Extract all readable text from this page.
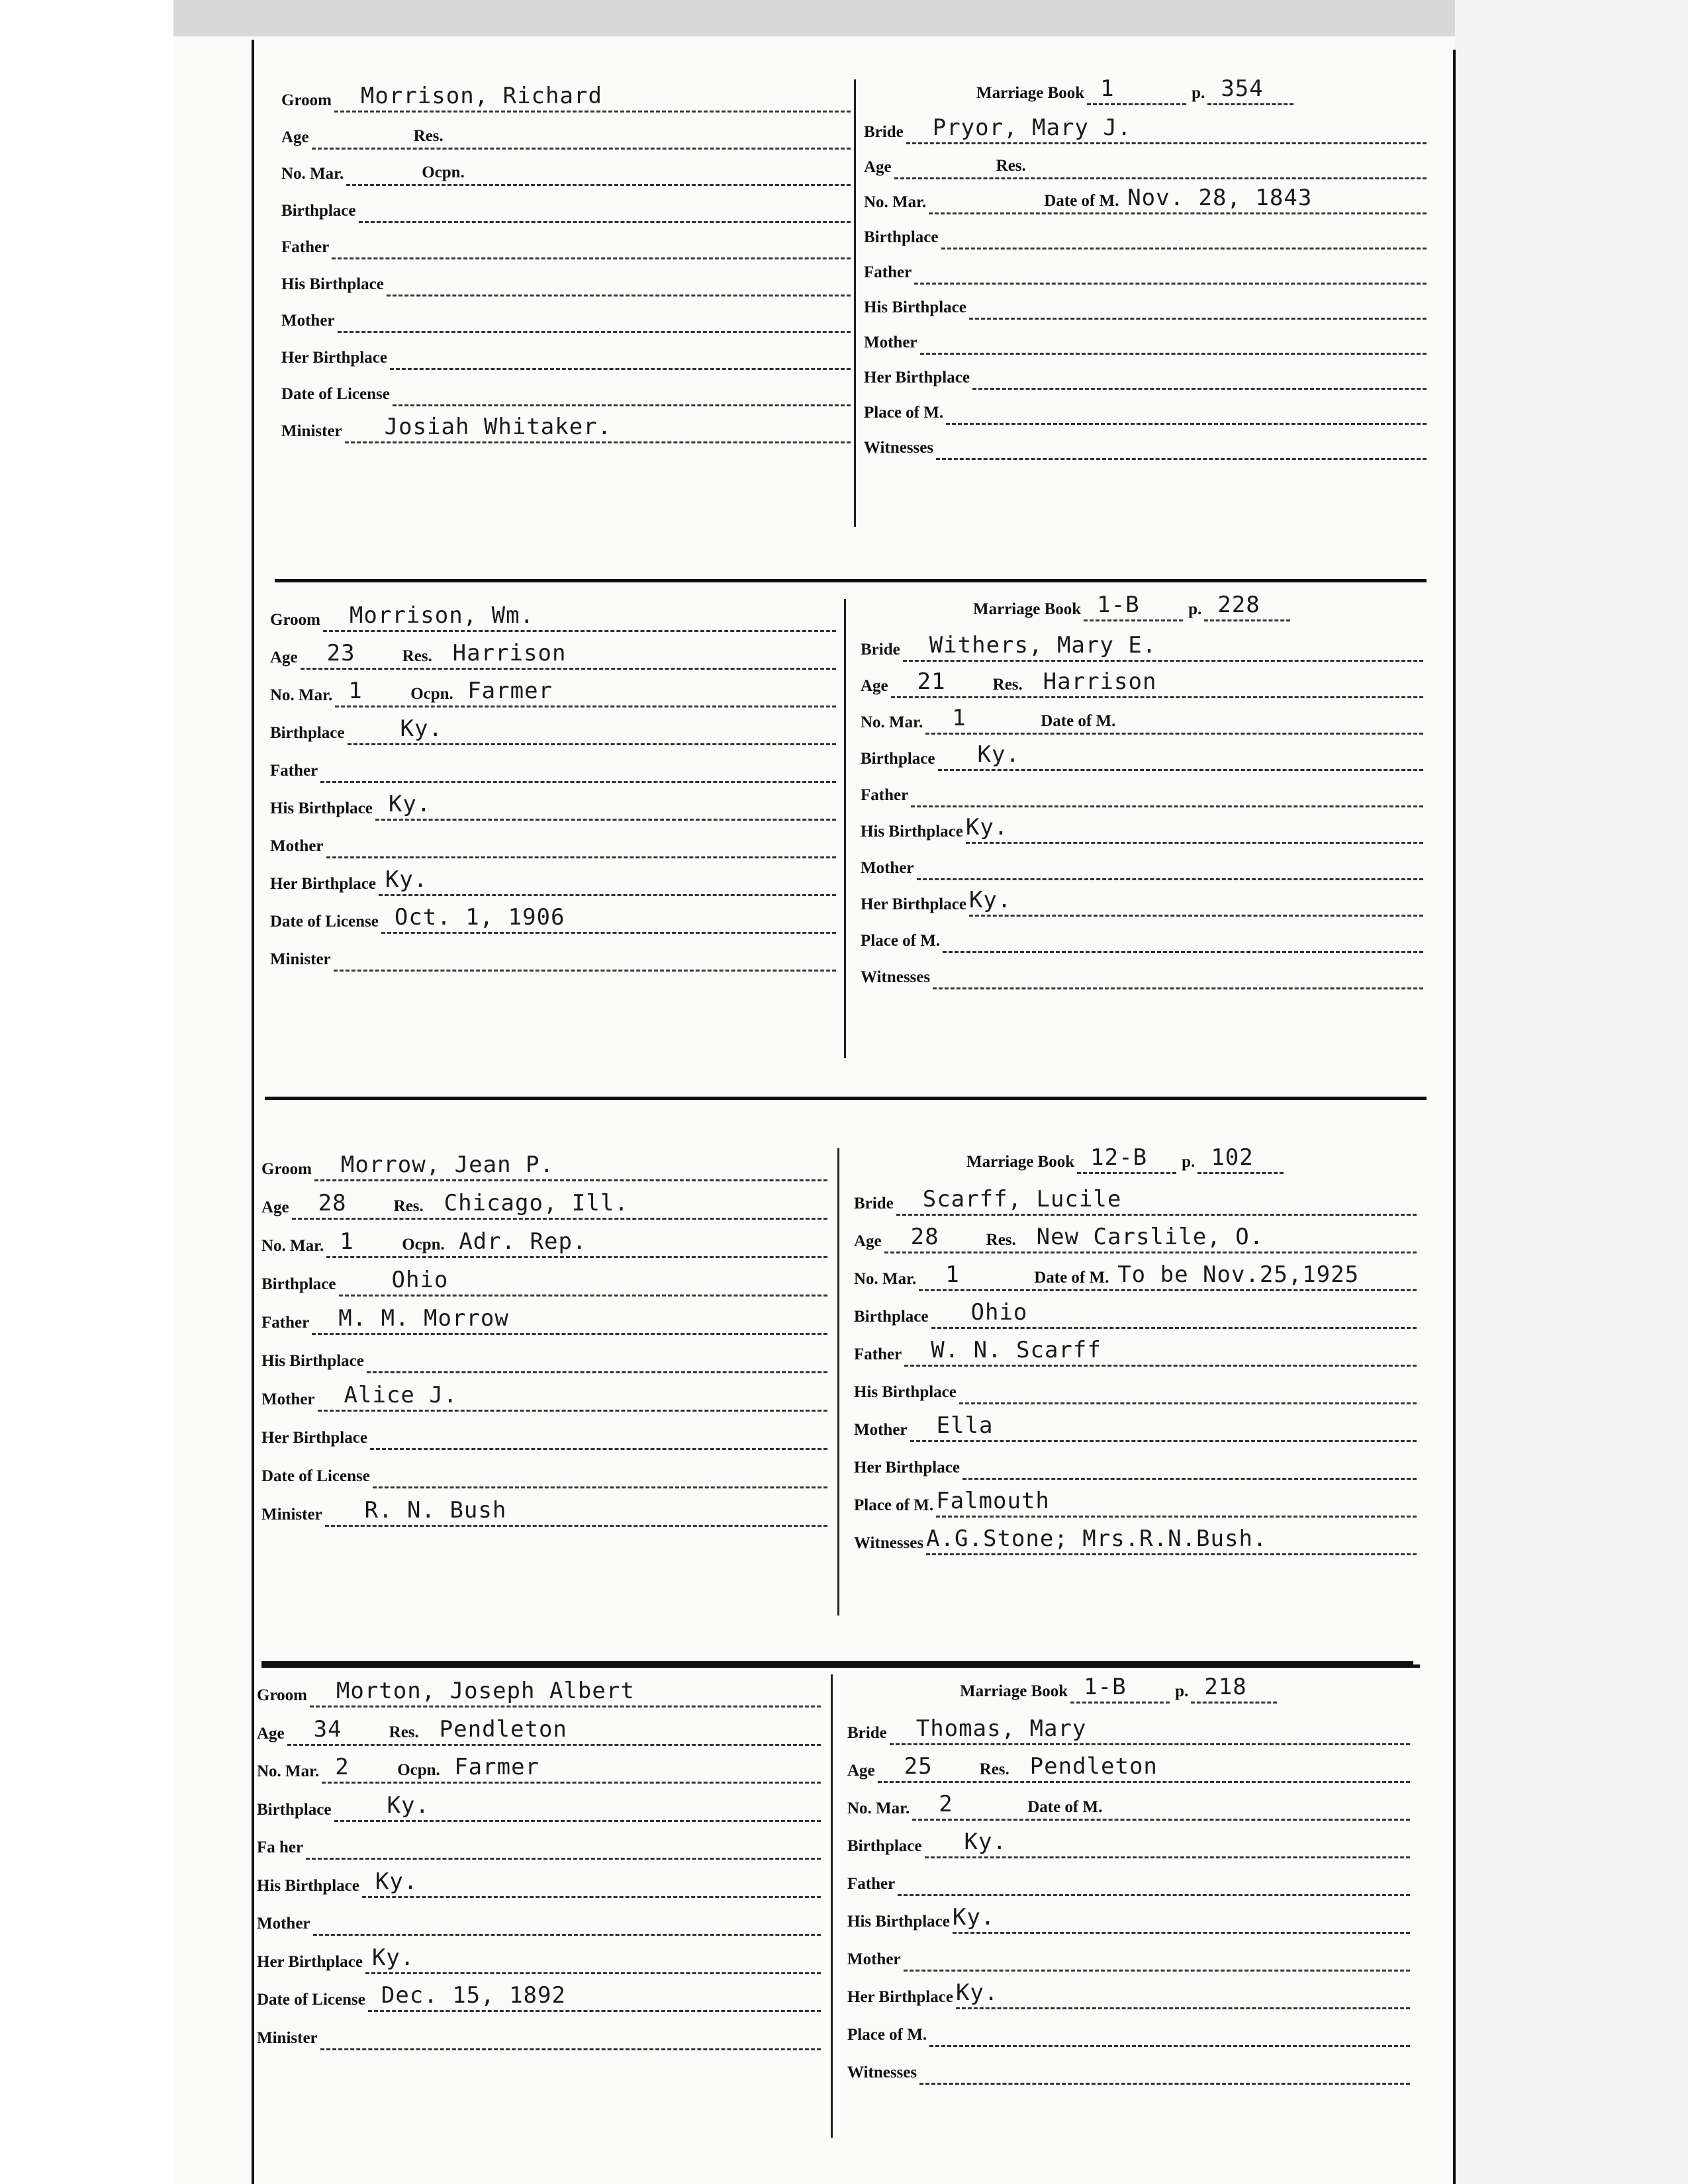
Groom Morrison, Richard
Age	Res.
No. Mar.	Ocpn.
Birthplace
Father
His Birthplace
Mother
Her Birthplace
Date of License
Minister Josiah Whitaker.
Marriage Book 1	p. 354
Bride Pryor, Mary J.
Age	Res.
No. Mar.	Date of M. Nov. 28, 1843
Birthplace
Father
His Birthplace
Mother
Her Birthplace
Place of M.
Witnesses
Groom Morrison, Wm.
Age 23	Res. Harrison
No. Mar. 1	Ocpn. Farmer
Birthplace Ky.
Father
His Birthplace Ky.
Mother
Her Birthplace Ky.
Date of License Oct. 1, 1906
Minister
Marriage Book 1-B	p. 228
Bride Withers, Mary E.
Age 21	Res. Harrison
No. Mar. 1	Date of M.
Birthplace Ky.
Father
His Birthplace Ky.
Mother
Her Birthplace Ky.
Place of M.
Witnesses
Groom Morrow, Jean P.
Age 28	Res. Chicago, Ill.
No. Mar. 1	Ocpn. Adr. Rep.
Birthplace Ohio
Father M. M. Morrow
His Birthplace
Mother Alice J.
Her Birthplace
Date of License
Minister R. N. Bush
Marriage Book 12-B p. 102
Bride Scarff, Lucile
Age 28	Res. New Carslile, O.
No. Mar. 1	Date of M. To be Nov.25,1925
Birthplace Ohio
Father W. N. Scarff
His Birthplace
Mother Ella
Her Birthplace
Place of M. Falmouth
Witnesses A.G.Stone; Mrs.R.N.Bush.
Groom Morton, Joseph Albert
Age 34	Res. Pendleton
No. Mar. 2	Ocpn. Farmer
Birthplace Ky.
Fa her
His Birthplace Ky.
Mother
Her Birthplace Ky.
Date of License Dec. 15, 1892
Minister
Marriage Book 1-B	p. 218
Bride Thomas, Mary
Age 25	Res. Pendleton
No. Mar. 2	Date of M.
Birthplace Ky.
Father
His Birthplace Ky.
Mother
Her Birthplace Ky.
Place of M.
Witnesses
